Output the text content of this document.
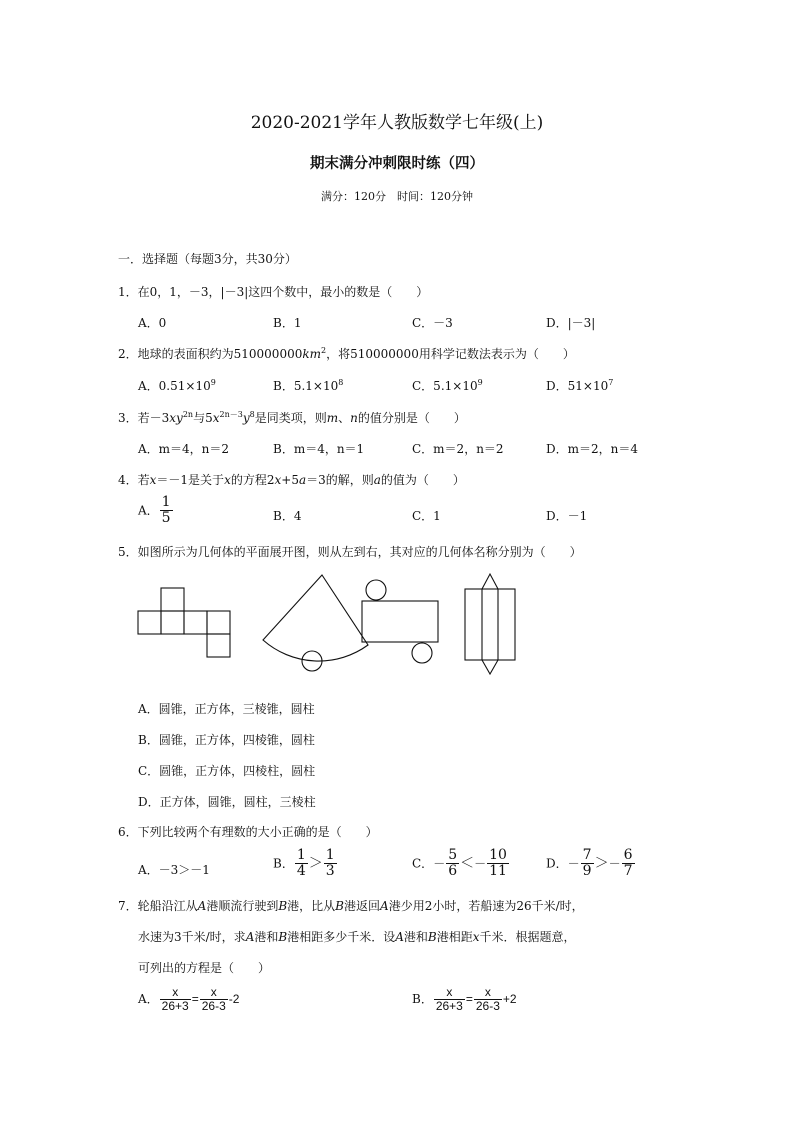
2020-2021学年人教版数学七年级(上)
期末满分冲刺限时练（四）
满分：120分　时间：120分钟
一．选择题（每题3分，共30分）
1．在0，1，－3，|－3|这四个数中，最小的数是（　　）
A．0	B．1	C．－3	D．|－3|
2．地球的表面积约为$510000000km^2$，将510000000用科学记数法表示为（　　）
A．$0.51\times 10^9$	B．$5.1\times 10^8$	C．$5.1\times 10^9$	D．$51\times 10^7$
3．若$-3xy^{2n}$与$5x^{2n-3}y^8$是同类项，则m、n的值分别是（　　）
A．m＝4，n＝2	B．m＝4，n＝1	C．m＝2，n＝2	D．m＝2，n＝4
4．若x＝－1是关于x的方程2x+5a＝3的解，则a的值为（　　）
A． $\frac{1}{5}$	B．4	C．1	D．－1
5．如图所示为几何体的平面展开图，则从左到右，其对应的几何体名称分别为（　　）
A．圆锥，正方体，三棱锥，圆柱
B．圆锥，正方体，四棱锥，圆柱
C．圆锥，正方体，四棱柱，圆柱
D．正方体，圆锥，圆柱，三棱柱
6．下列比较两个有理数的大小正确的是（　　）
A．－3＞－1	B． $\frac{1}{4} > \frac{1}{3}$	C．－ $\frac{5}{6} <- \frac{10}{11}$	D．－ $\frac{7}{9} >- \frac{6}{7}$
7．轮船沿江从A港顺流行驶到B港，比从B港返回A港少用2小时，若船速为26千米/时，
水速为3千米/时，求A港和B港相距多少千米．设A港和B港相距x千米．根据题意，
可列出的方程是（　　）
A． $\frac{x}{26+3} = \frac{x}{26-3} -2$	B． $\frac{x}{26+3} = \frac{x}{26-3} +2$
